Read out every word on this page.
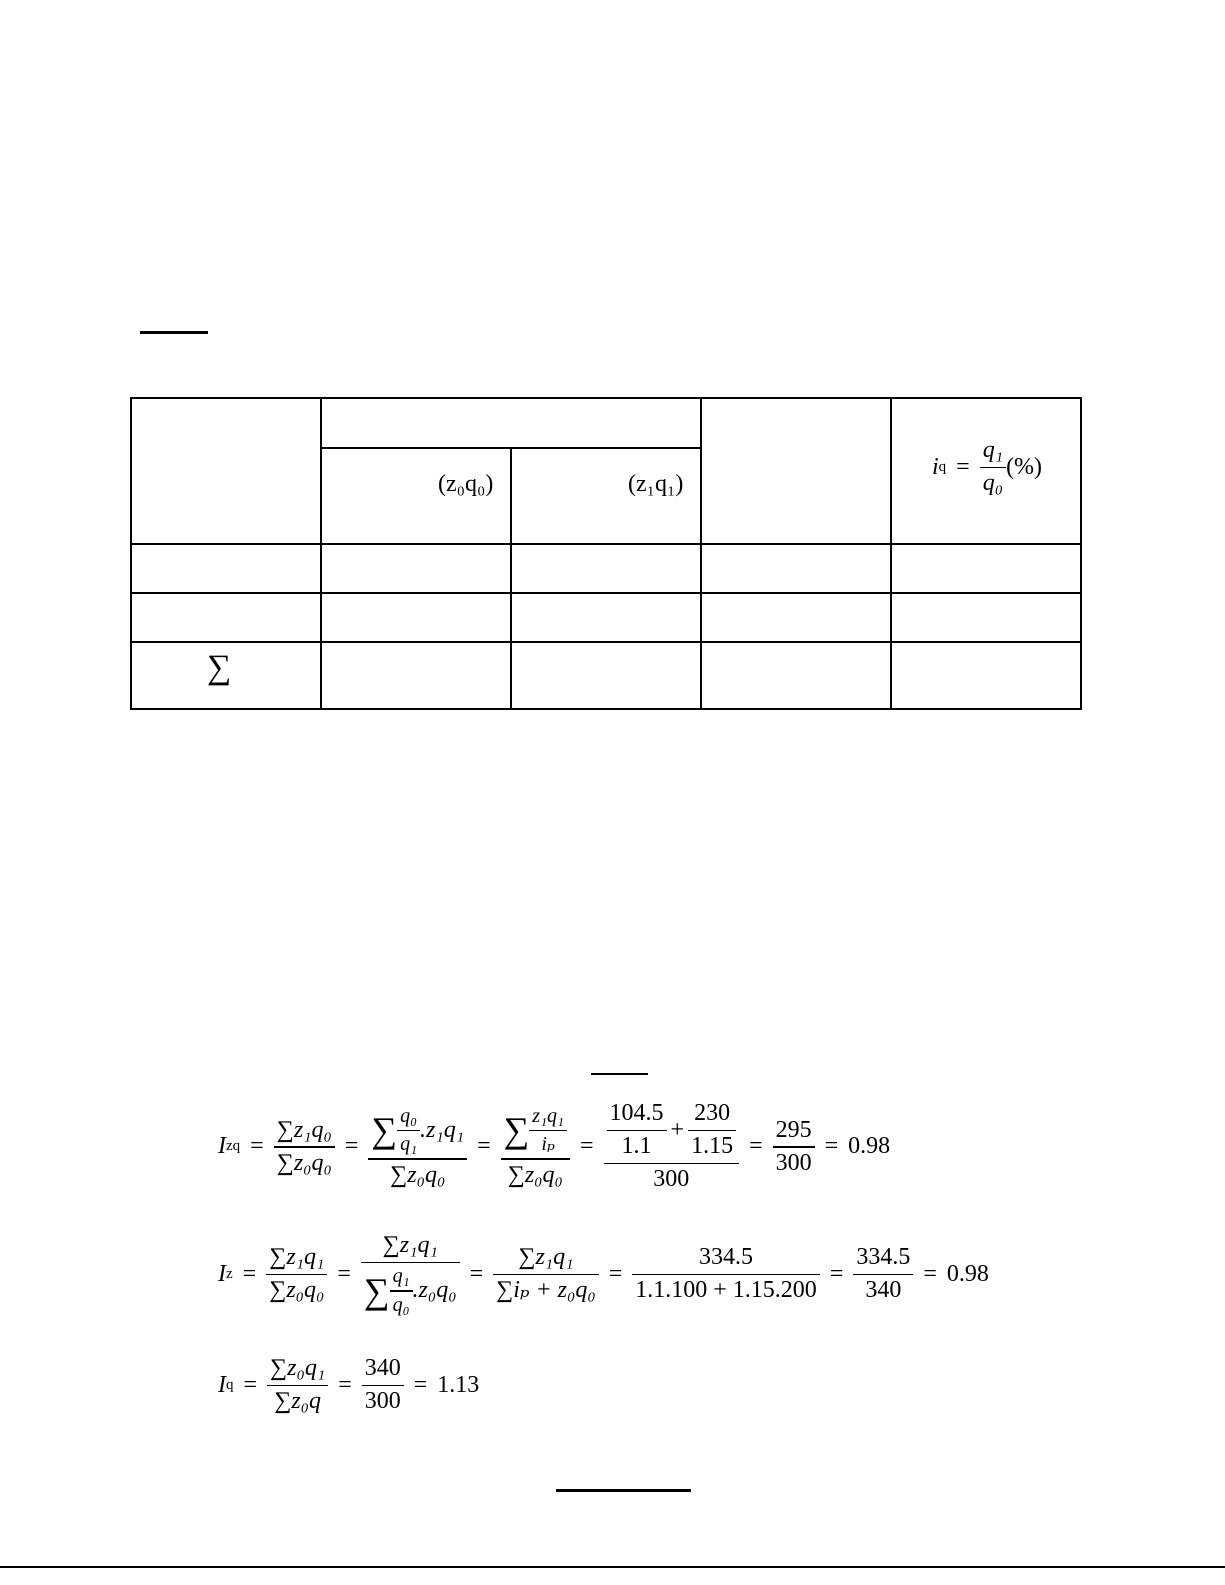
(z₀q₀)	(z₁q₁)
i $q = \frac{\text{q₁}}{\text{q₀}}$ (%)
∑
I zq = $\frac{\text{∑z₁q₀}}{\text{∑z₀q₀}} = \frac{\sum \frac{\text{q₀}}{\text{q₁}} .z_1q_1}{\text{∑z₀q₀}} = \frac{\sum \frac{\text{z₁q₁}}{\text{iₚ}}}{\text{∑z₀q₀}} = \frac{\frac{104.5}{1.1} + \frac{230}{1.15}}{300} = \frac{295}{300} = 0.98$
I $z = \frac{\text{∑z₁q₁}}{\text{∑z₀q₀}} = \frac{\text{∑z₁q₁}}{\sum \frac{\text{q₁}}{\text{q₀}} .z_0q_0} = \frac{\text{∑z₁q₁}}{\text{∑iₚ + z₀q₀}} = \frac{334.5}{1.1.100 + 1.15.200} = \frac{334.5}{340} = 0.98$
I $q = \frac{\text{∑z₀q₁}}{\text{∑z₀q}} = \frac{340}{300} = 1.13$
